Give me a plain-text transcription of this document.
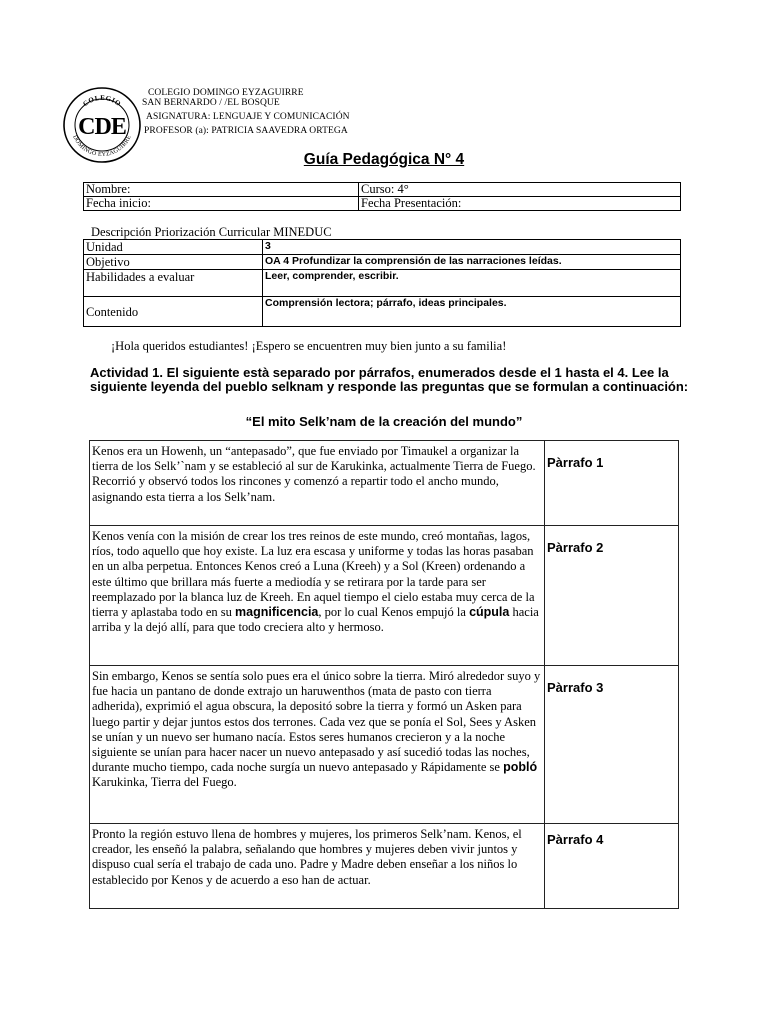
COLEGIO
CDE
DOMINGO EYZAGUIRRE
COLEGIO DOMINGO EYZAGUIRRE
SAN BERNARDO / /EL BOSQUE
ASIGNATURA: LENGUAJE Y COMUNICACIÓN
PROFESOR (a): PATRICIA SAAVEDRA ORTEGA
Guía Pedagógica N° 4
Nombre:	Curso: 4°
Fecha inicio:	Fecha Presentación:
Descripción Priorización Curricular MINEDUC
Unidad	3
Objetivo	OA 4 Profundizar la comprensión de las narraciones leídas.
Habilidades a evaluar	Leer, comprender, escribir.
Contenido	Comprensión lectora; párrafo, ideas principales.
¡Hola queridos estudiantes! ¡Espero se encuentren muy bien junto a su familia!
Actividad 1. El siguiente està separado por párrafos, enumerados desde el 1 hasta el 4. Lee la siguiente leyenda del pueblo selknam y responde las preguntas que se formulan a continuación:
“El mito Selk’nam de la creación del mundo”
Kenos era un Howenh, un “antepasado”, que fue enviado por Timaukel a organizar la tierra de los Selk’`nam y se estableció al sur de Karukinka, actualmente Tierra de Fuego. Recorrió y observó todos los rincones y comenzó a repartir todo el ancho mundo, asignando esta tierra a los Selk’nam.	Pàrrafo 1
Kenos venía con la misión de crear los tres reinos de este mundo, creó montañas, lagos, ríos, todo aquello que hoy existe. La luz era escasa y uniforme y todas las horas pasaban en un alba perpetua. Entonces Kenos creó a Luna (Kreeh) y a Sol (Kreen) ordenando a este último que brillara más fuerte a mediodía y se retirara por la tarde para ser reemplazado por la blanca luz de Kreeh. En aquel tiempo el cielo estaba muy cerca de la tierra y aplastaba todo en su magnificencia, por lo cual Kenos empujó la cúpula hacia arriba y la dejó allí, para que todo creciera alto y hermoso.	Pàrrafo 2
Sin embargo, Kenos se sentía solo pues era el único sobre la tierra. Miró alrededor suyo y fue hacia un pantano de donde extrajo un haruwenthos (mata de pasto con tierra adherida), exprimió el agua obscura, la depositó sobre la tierra y formó un Asken para luego partir y dejar juntos estos dos terrones. Cada vez que se ponía el Sol, Sees y Asken se unían y un nuevo ser humano nacía. Estos seres humanos crecieron y a la noche siguiente se unían para hacer nacer un nuevo antepasado y así sucedió todas las noches, durante mucho tiempo, cada noche surgía un nuevo antepasado y Rápidamente se pobló Karukinka, Tierra del Fuego.	Pàrrafo 3
Pronto la región estuvo llena de hombres y mujeres, los primeros Selk’nam. Kenos, el creador, les enseñó la palabra, señalando que hombres y mujeres deben vivir juntos y dispuso cual sería el trabajo de cada uno. Padre y Madre deben enseñar a los niños lo establecido por Kenos y de acuerdo a eso han de actuar.	Pàrrafo 4
